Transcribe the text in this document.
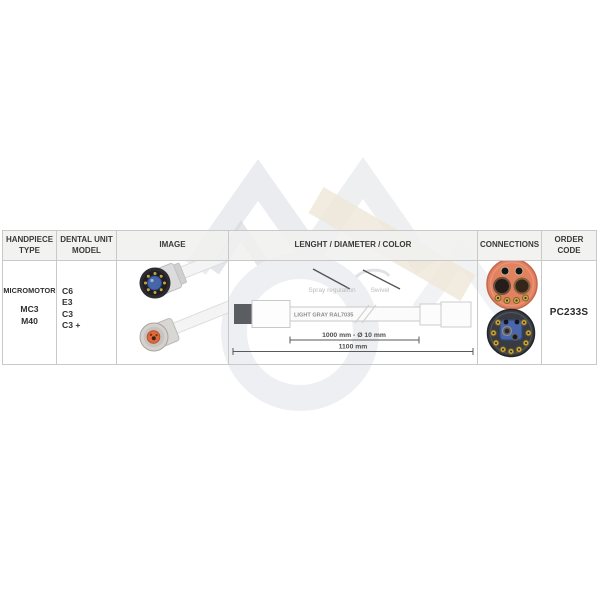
HANDPIECE TYPE
DENTAL UNIT MODEL
IMAGE	LENGHT / DIAMETER / COLOR	CONNECTIONS
ORDER CODE
MICROMOTOR
MC3
M40
C6
E3
C3
C3 +
Spray regulation Swivel
LIGHT GRAY RAL7035
1000 mm - Ø 10 mm
1100 mm
PC233S
